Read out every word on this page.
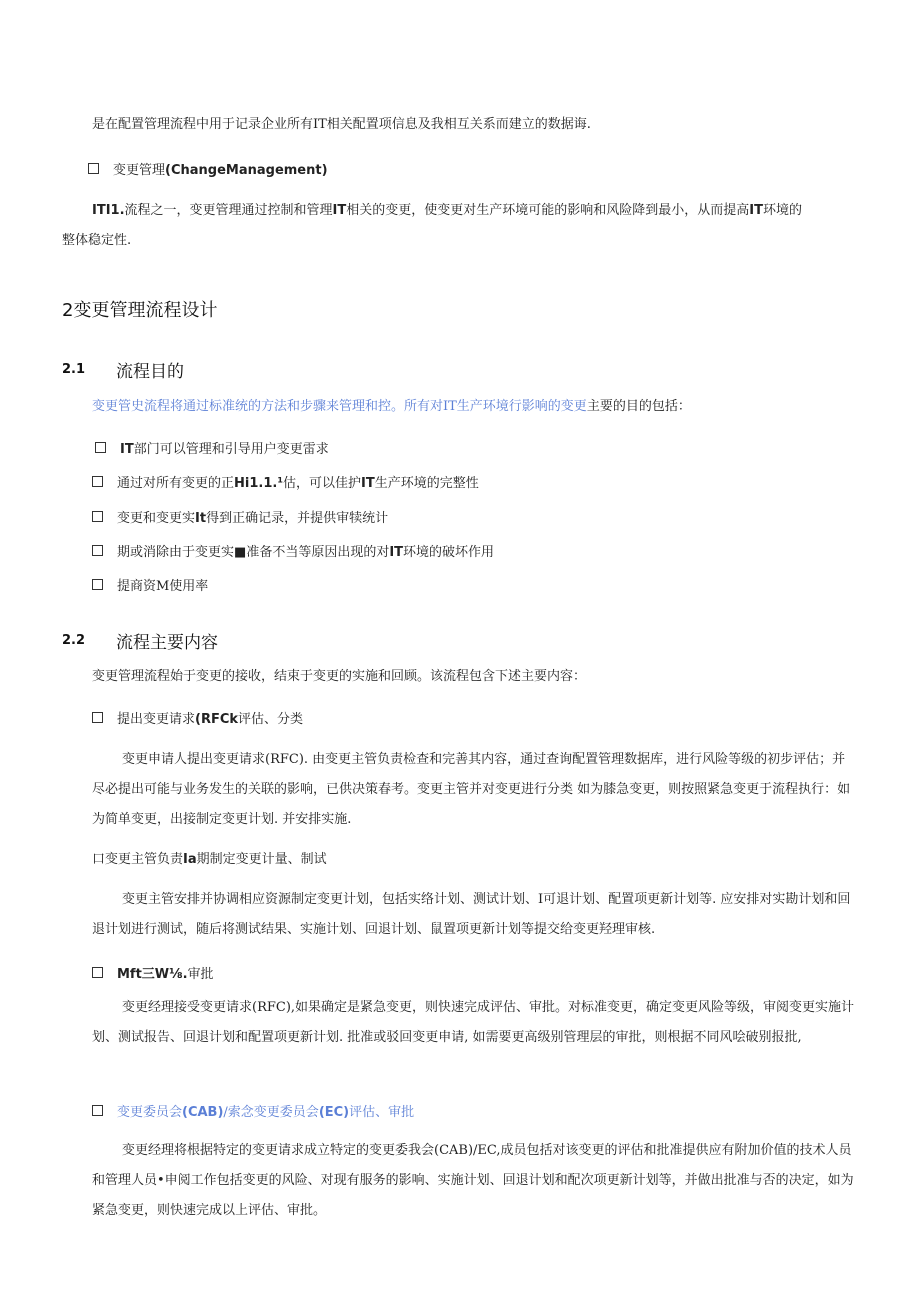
是在配置管理流程中用于记录企业所有IT相关配置项信息及我相互关系而建立的数据诲.
变更管理(ChangeManagement)
ITI1.流程之一，变更管理通过控制和管理IT相关的变更，使变更对生产环境可能的影响和风险降到最小，从而提高IT环境的
整体稳定性.
2变更管理流程设计
2.1 流程目的
变更管史流程将通过标准统的方法和步骤来管理和控。所有对IT生产环境行影响的变更主要的目的包括：
IT部门可以管理和引导用户变更雷求
通过对所有变更的正Hi1.1.¹估，可以佳护IT生产环境的完整性
变更和变更实It得到正确记录，并提供审犊统计
期或消除由于变更实■准备不当等原因出现的对IT环境的破坏作用
提商资M使用率
2.2 流程主要内容
变更管理流程始于变更的接收，结束于变更的实施和回顾。该流程包含下述主要内容：
提出变更请求(RFCk评估、分类
变更申请人提出变更请求(RFC). 由变更主管负责检查和完善其内容，通过查询配置管理数据库，进行风险等级的初步评估；并尽必提出可能与业务发生的关联的影响，已供决策春考。变更主管并对变更进行分类 如为膝急变更，则按照紧急变更于流程执行：如为简单变更，出接制定变更计划. 并安排实施.
口变更主管负责Ia期制定变更计量、制试
变更主管安排并协调相应资源制定变更计划，包括实络计划、测试计划、I可退计划、配置项更新计划等. 应安排对实勘计划和回退计划进行测试，随后将测试结果、实施计划、回退计划、鼠置项更新计划等提交给变更羟理审核.
Mft三W⅛.审批
变更经理接受变更请求(RFC),如果确定是紧急变更，则快速完成评估、审批。对标准变更，确定变更风险等级，审阅变更实施计划、测试报告、回退计划和配置项更新计划. 批准或驳回变更申请, 如需要更高级别管理层的审批，则根据不同风哙破别报批,
变更委员会(CAB)/索念变更委员会(EC)评估、审批
变更经理将根据特定的变更请求成立特定的变更委我会(CAB)/EC,成员包括对该变更的评估和批准提供应有附加价值的技术人员和管理人员•申阅工作包括变更的风险、对现有服务的影响、实施计划、回退计划和配次项更新计划等，并做出批准与否的决定，如为紧急变更，则快速完成以上评估、审批。
